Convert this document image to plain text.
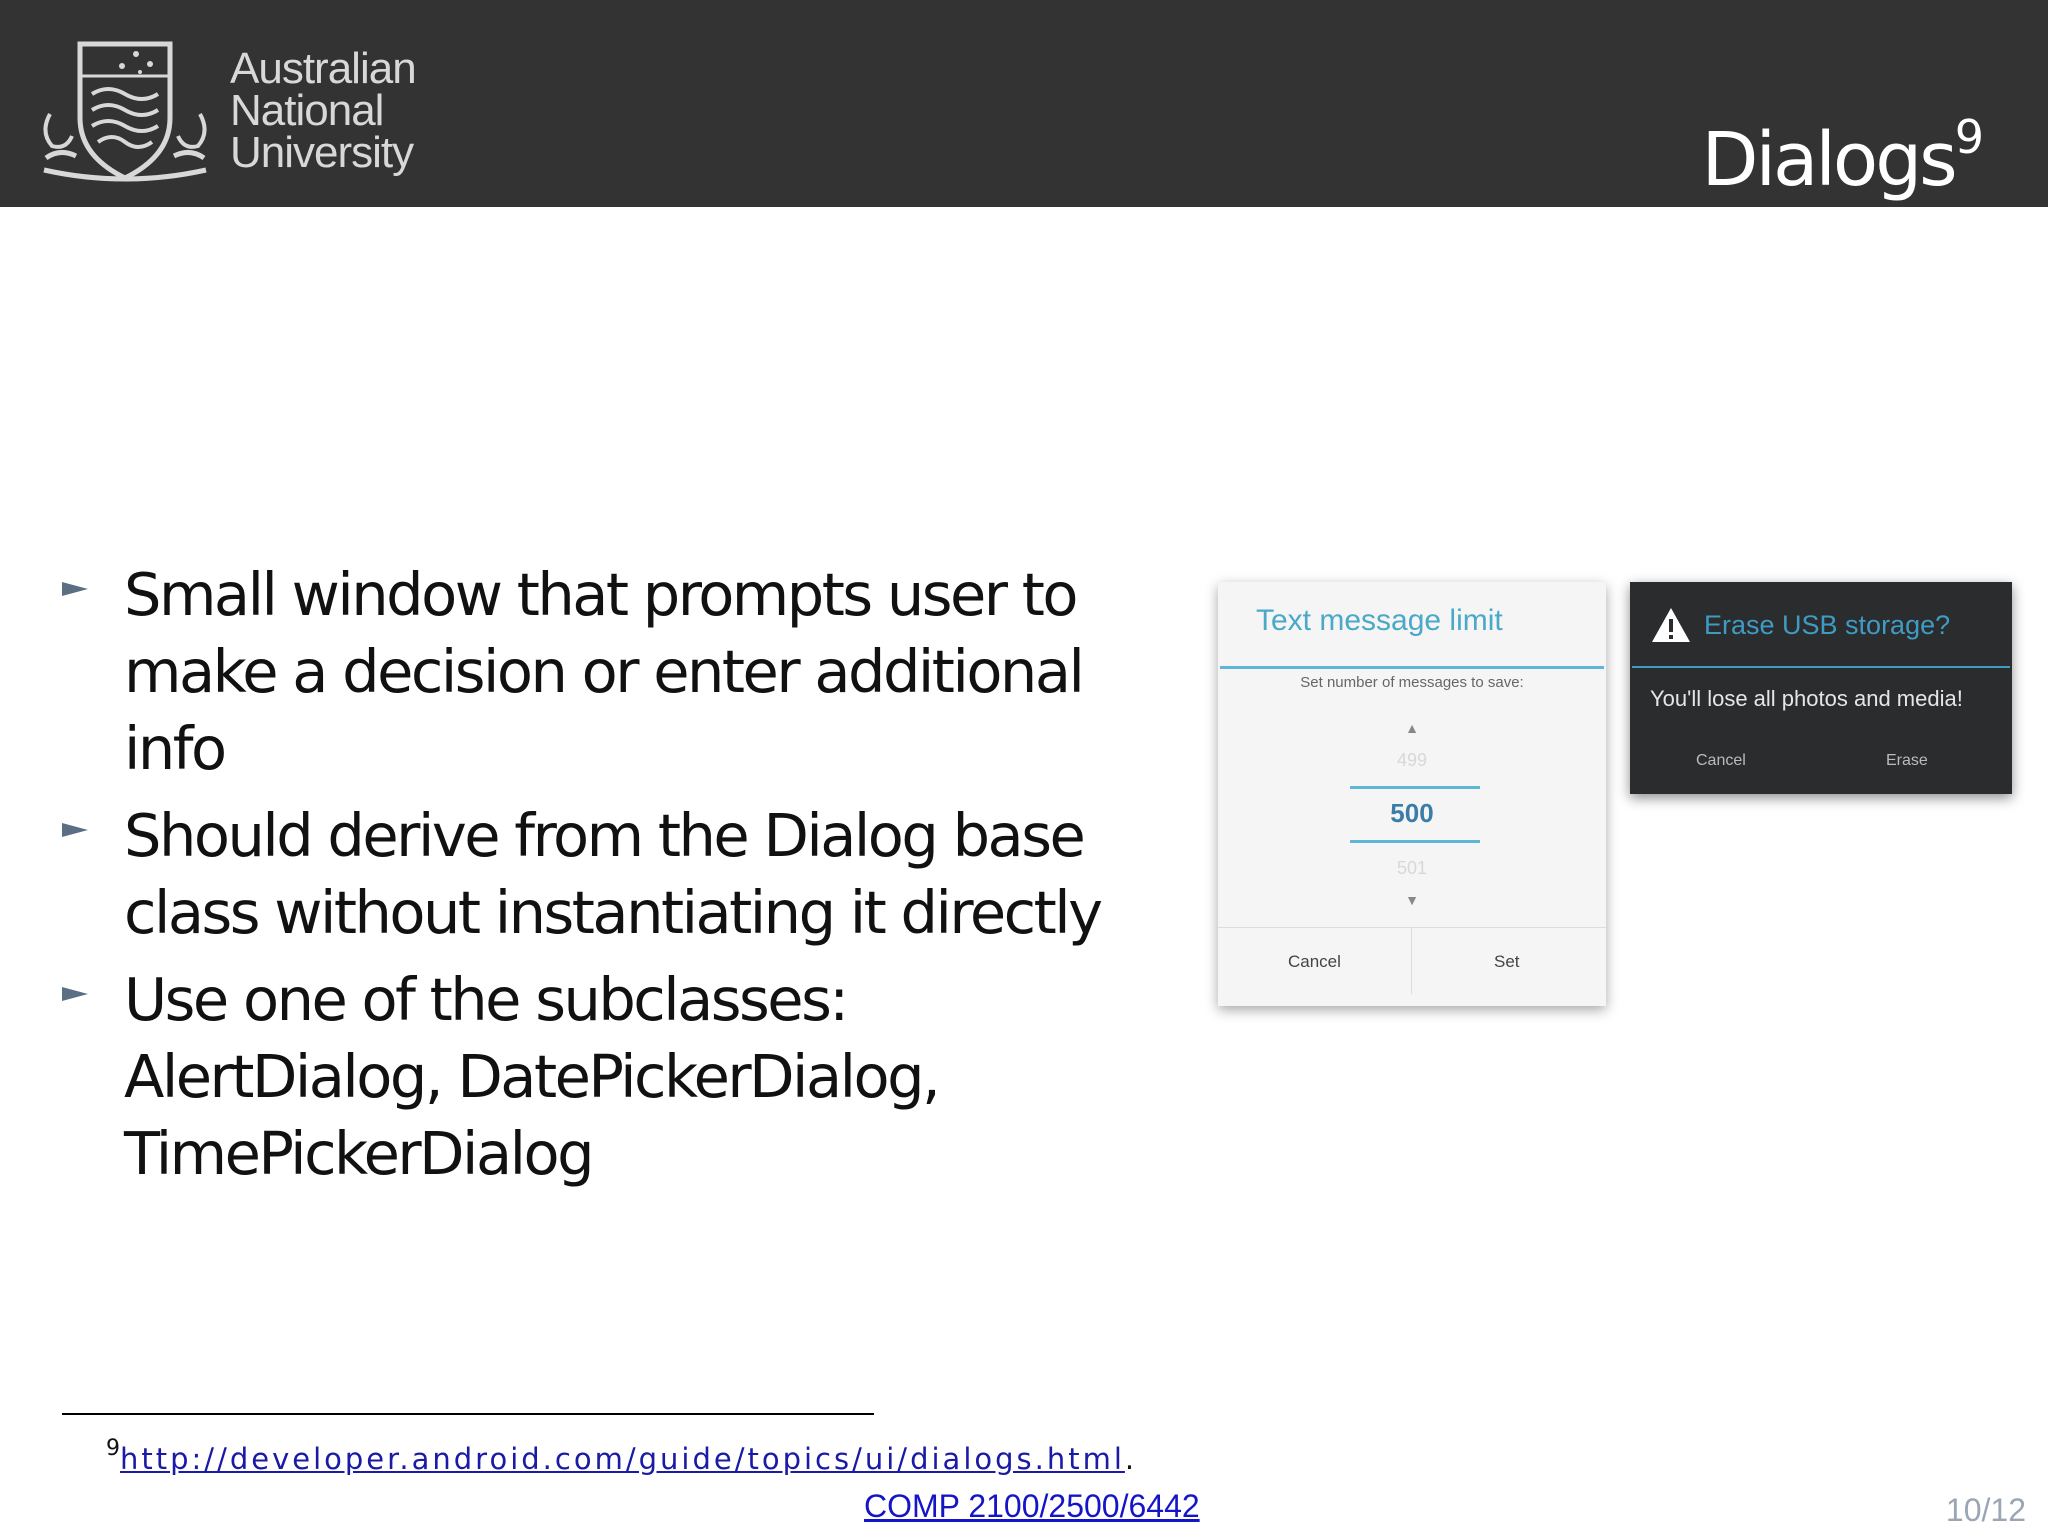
Australian
National
University	Dialogs$^9$
Small window that prompts user to make a decision or enter additional info
Should derive from the Dialog base class without instantiating it directly
Use one of the subclasses: AlertDialog, DatePickerDialog, TimePickerDialog
Text message limit
Set number of messages to save:
▲
499
500
501
▼
Cancel	Set
Erase USB storage?
You'll lose all photos and media!
Cancel	Erase
$^9$http://developer.android.com/guide/topics/ui/dialogs.html.
COMP 2100/2500/6442	10/12
